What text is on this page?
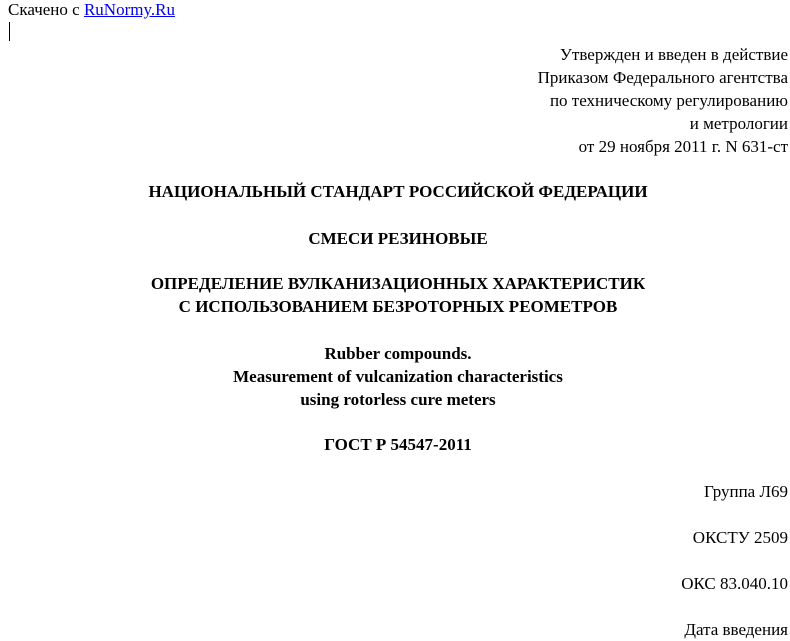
Скачено с RuNormy.Ru
Утвержден и введен в действие
Приказом Федерального агентства
по техническому регулированию
и метрологии
от 29 ноября 2011 г. N 631-ст
НАЦИОНАЛЬНЫЙ СТАНДАРТ РОССИЙСКОЙ ФЕДЕРАЦИИ
СМЕСИ РЕЗИНОВЫЕ
ОПРЕДЕЛЕНИЕ ВУЛКАНИЗАЦИОННЫХ ХАРАКТЕРИСТИК
С ИСПОЛЬЗОВАНИЕМ БЕЗРОТОРНЫХ РЕОМЕТРОВ
Rubber compounds.
Measurement of vulcanization characteristics
using rotorless cure meters
ГОСТ Р 54547-2011
Группа Л69
ОКСТУ 2509
ОКС 83.040.10
Дата введения
